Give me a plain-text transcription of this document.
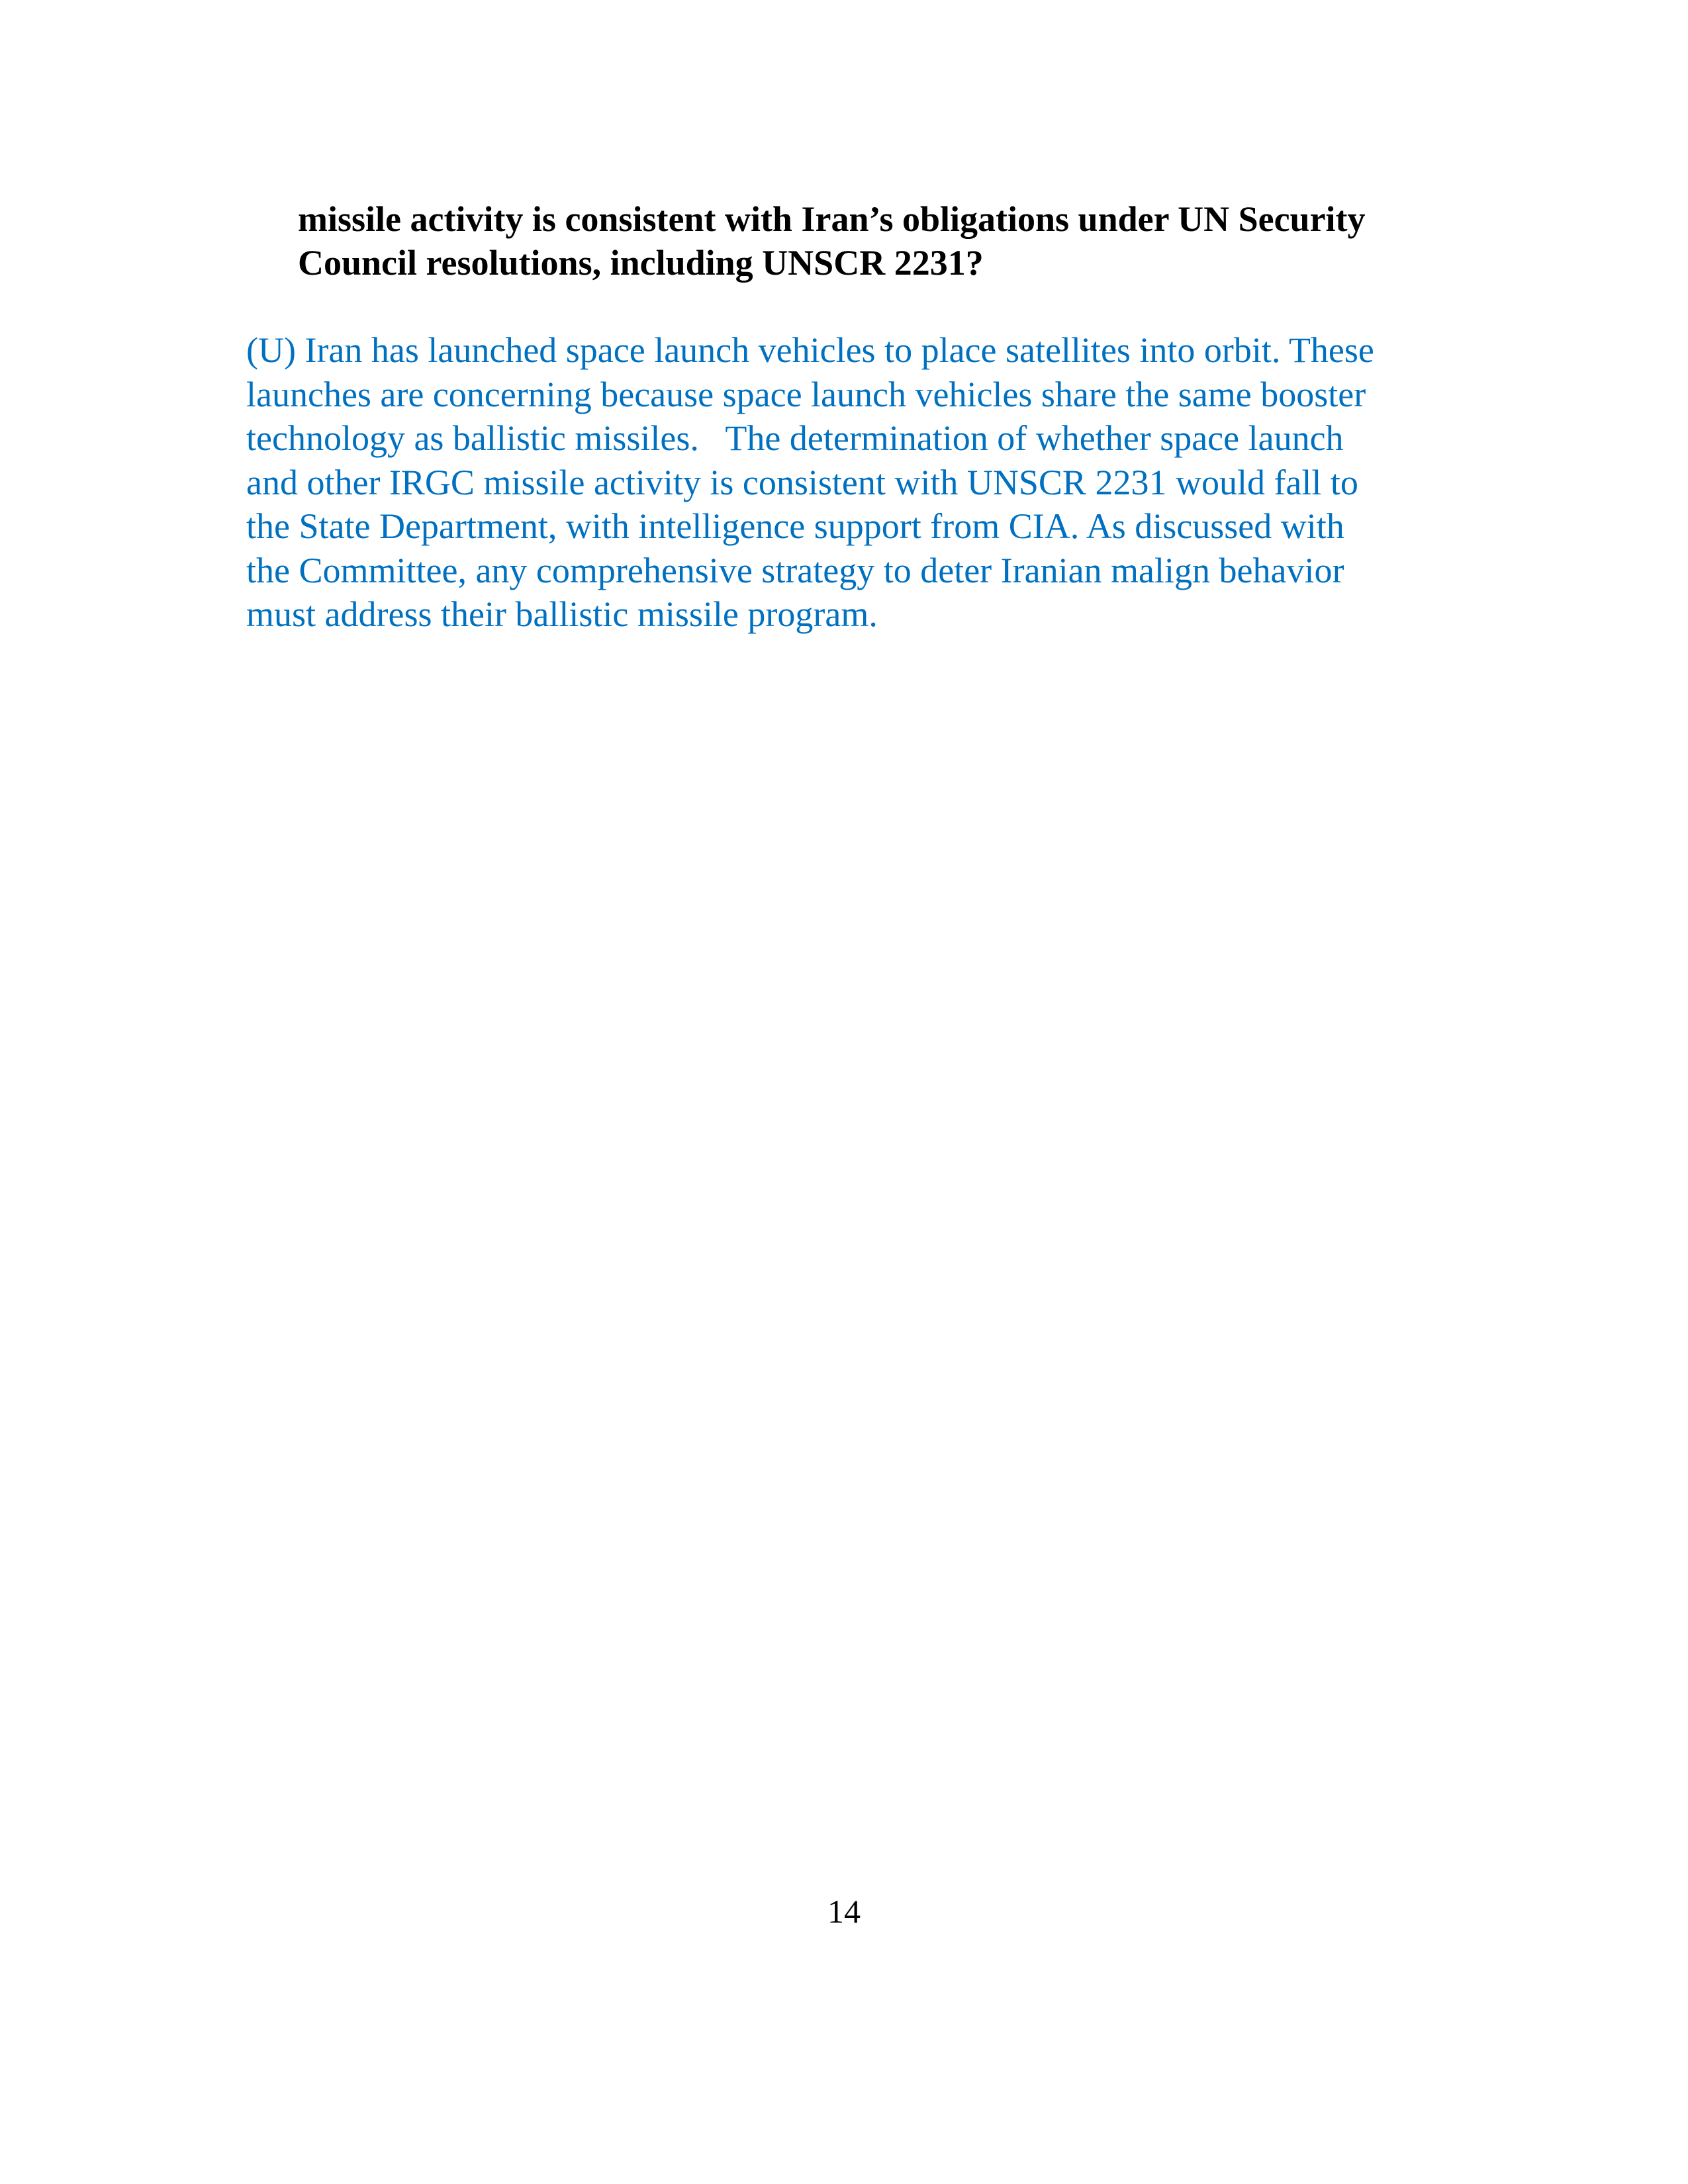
missile activity is consistent with Iran’s obligations under UN Security
Council resolutions, including UNSCR 2231?
(U) Iran has launched space launch vehicles to place satellites into orbit. These
launches are concerning because space launch vehicles share the same booster
technology as ballistic missiles.   The determination of whether space launch
and other IRGC missile activity is consistent with UNSCR 2231 would fall to
the State Department, with intelligence support from CIA. As discussed with
the Committee, any comprehensive strategy to deter Iranian malign behavior
must address their ballistic missile program.
14
